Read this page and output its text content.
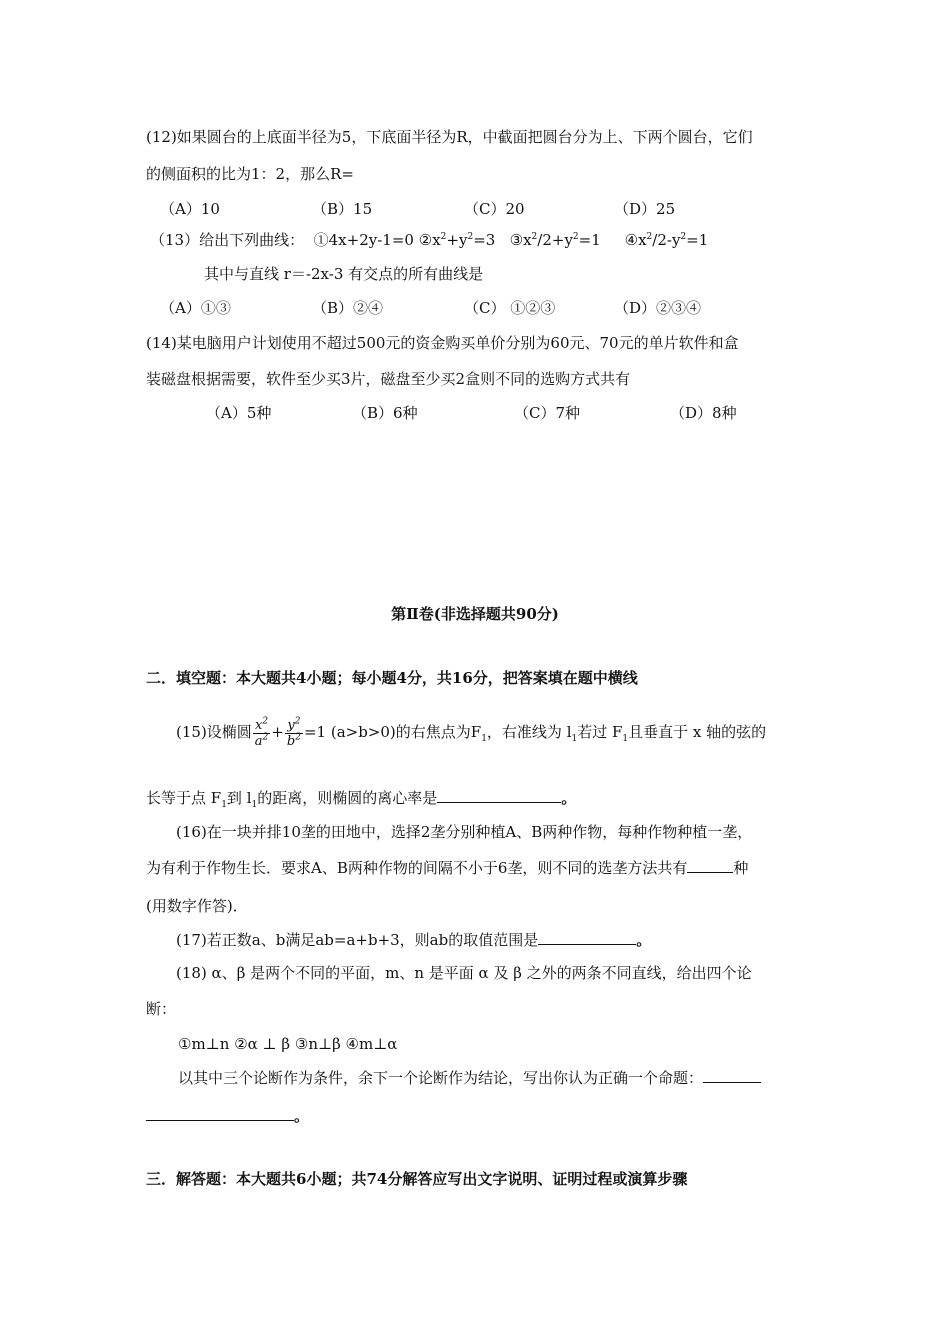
(12)如果圆台的上底面半径为5，下底面半径为R，中截面把圆台分为上、下两个圆台，它们
的侧面积的比为1：2，那么R=
（A）10	（B）15	（C）20	（D）25
（13）给出下列曲线： ①4x+2y-1=0 $②x^2+y^2=3$ $③x^2/2+y^2=1$ $④x^2/2-y^2=1$
其中与直线 r＝-2x-3 有交点的所有曲线是
（A）①③	（B）②④	（C） ①②③	（D）②③④
(14)某电脑用户计划使用不超过500元的资金购买单价分别为60元、70元的单片软件和盒
装磁盘根据需要，软件至少买3片，磁盘至少买2盒则不同的选购方式共有
（A）5种	（B）6种	（C）7种	（D）8种
第Ⅱ卷(非选择题共90分)
二．填空题：本大题共4小题；每小题4分，共16分，把答案填在题中横线
(15)设椭圆 $\frac{x^2}{a^2} + \frac{y^2}{b^2} =1$ (a>b>0)的右焦点为$F_1$，右准线为 $l_1$若过 $F_1$且垂直于 x 轴的弦的
长等于点 $F_1$到 $l_1$的距离，则椭圆的离心率是	。
(16)在一块并排10垄的田地中，选择2垄分别种植A、B两种作物，每种作物种植一垄，
为有利于作物生长．要求A、B两种作物的间隔不小于6垄，则不同的选垄方法共有	种
(用数字作答)．
(17)若正数a、b满足ab=a+b+3，则ab的取值范围是	。
(18) α、β 是两个不同的平面，m、n 是平面 α 及 β 之外的两条不同直线，给出四个论
断：
①m⊥n ②α ⊥ β ③n⊥β ④m⊥α
以其中三个论断作为条件，余下一个论断作为结论，写出你认为正确一个命题：
。
三．解答题：本大题共6小题；共74分解答应写出文字说明、证明过程或演算步骤
